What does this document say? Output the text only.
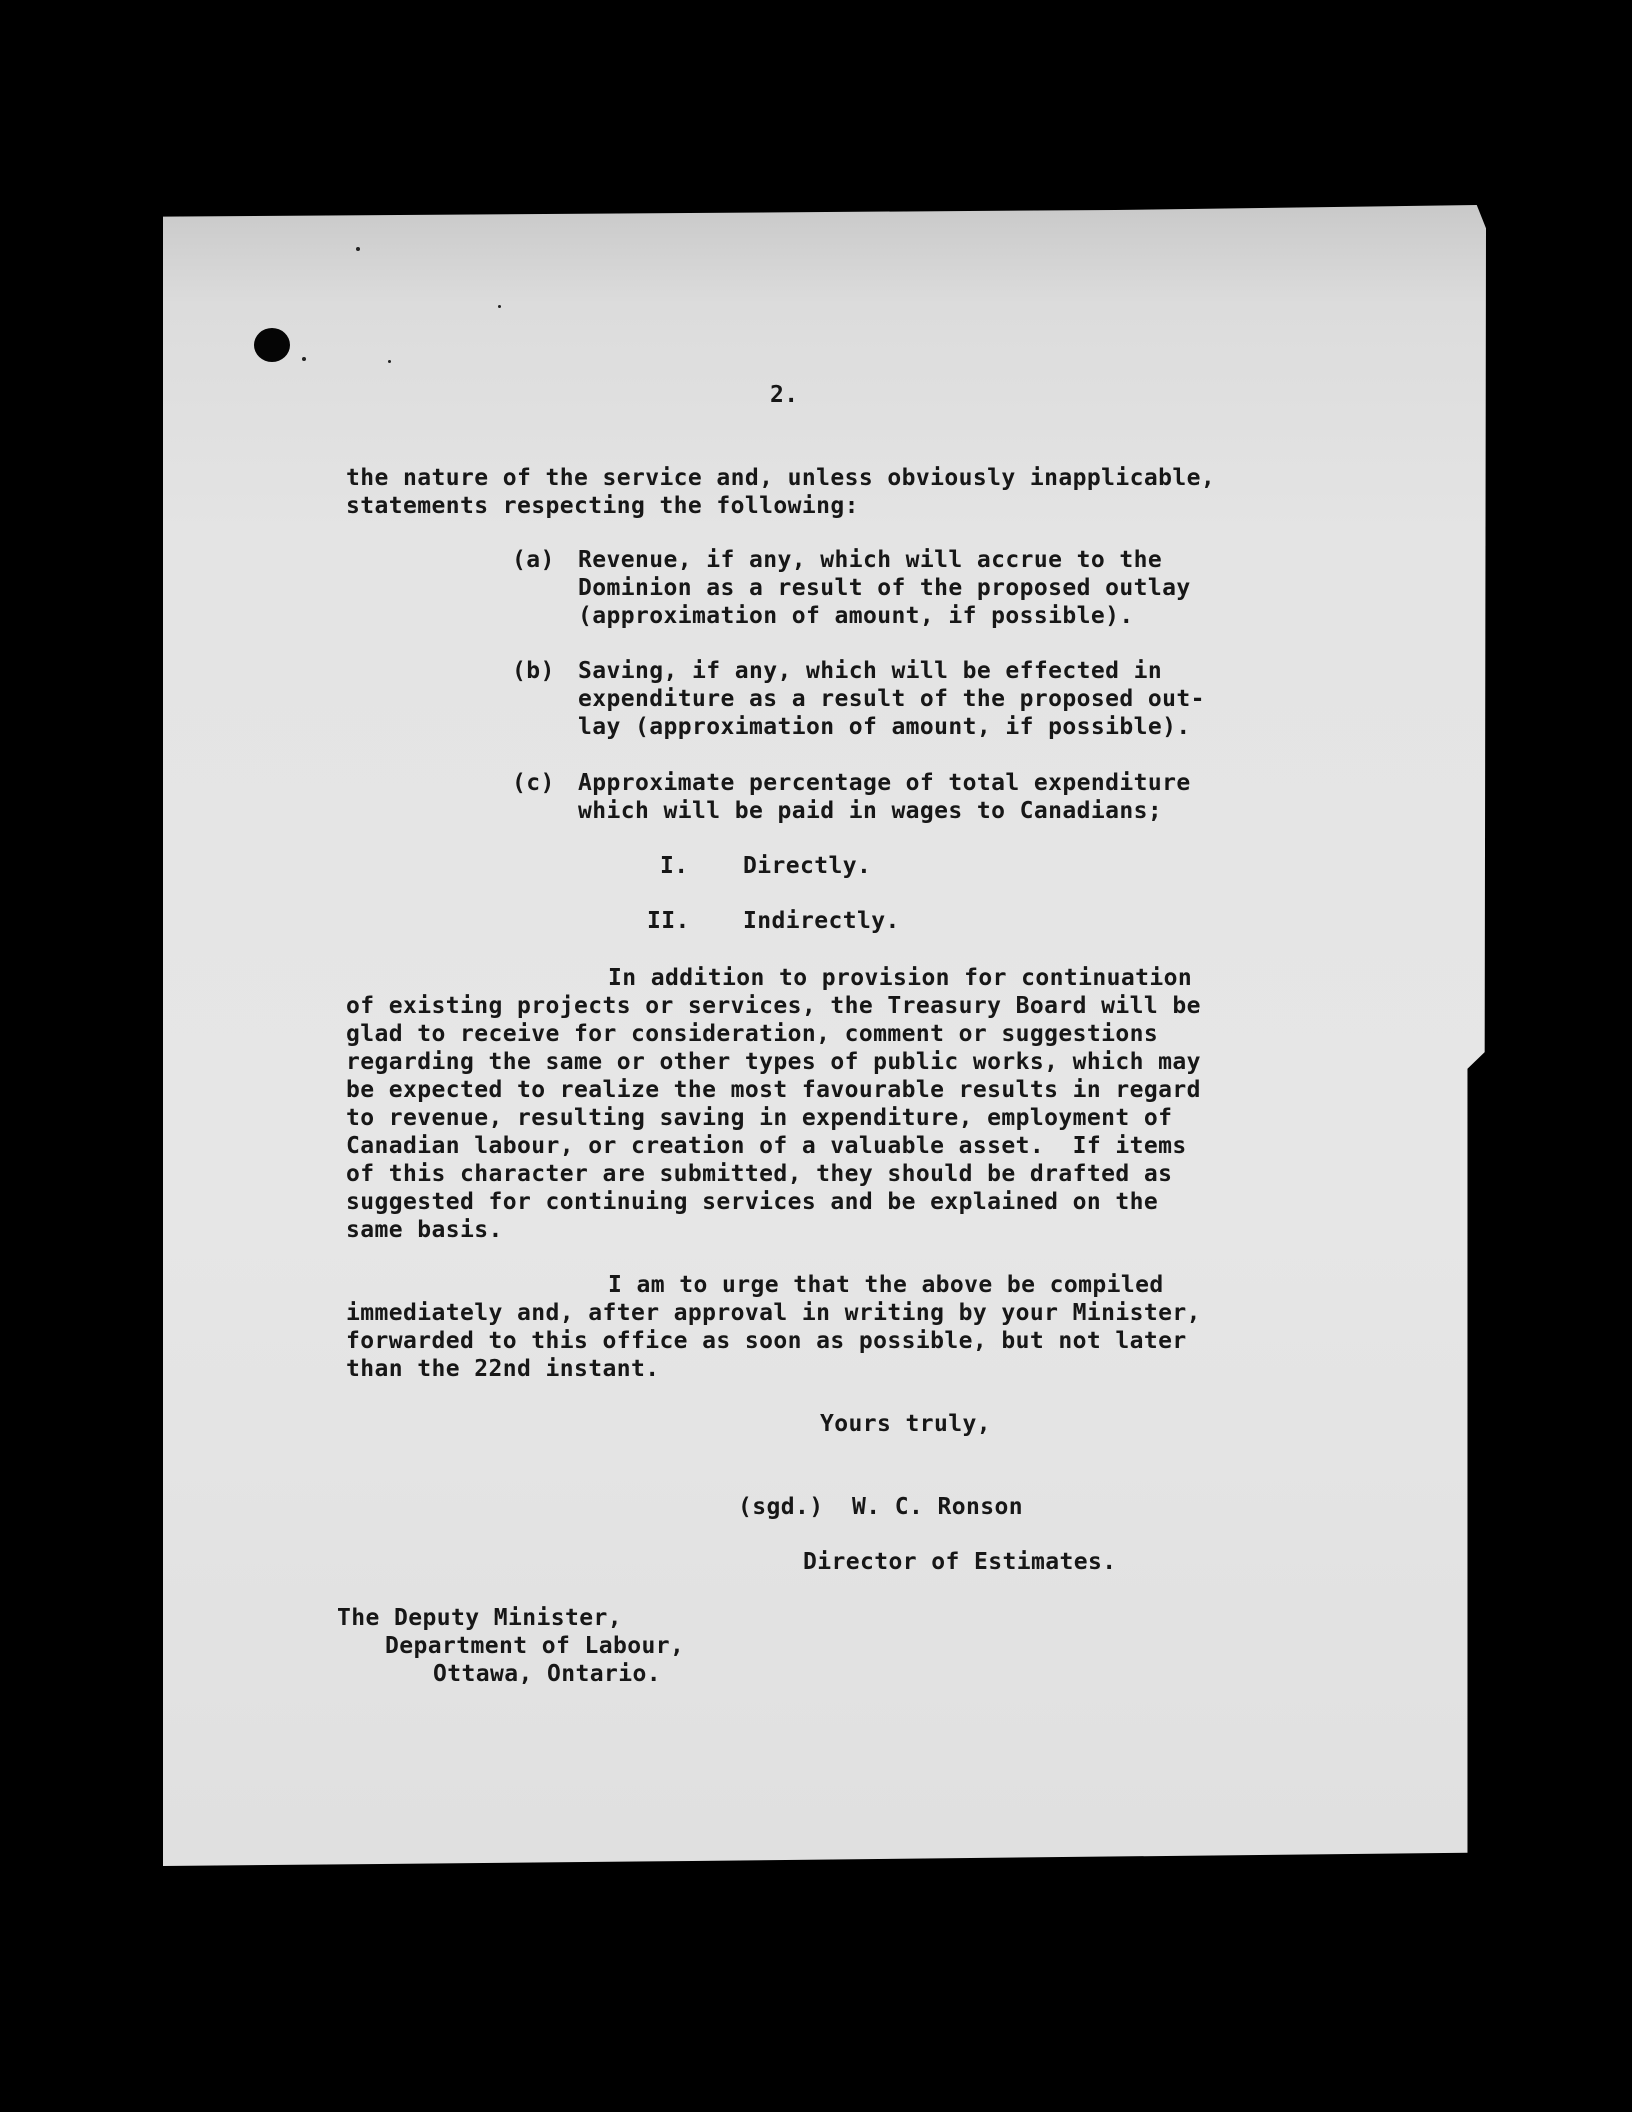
2.
the nature of the service and, unless obviously inapplicable,
statements respecting the following:
(a) Revenue, if any, which will accrue to the
Dominion as a result of the proposed outlay
(approximation of amount, if possible).
(b) Saving, if any, which will be effected in
expenditure as a result of the proposed out-
lay (approximation of amount, if possible).
(c) Approximate percentage of total expenditure
which will be paid in wages to Canadians;
I. Directly.
II. Indirectly.
In addition to provision for continuation
of existing projects or services, the Treasury Board will be
glad to receive for consideration, comment or suggestions
regarding the same or other types of public works, which may
be expected to realize the most favourable results in regard
to revenue, resulting saving in expenditure, employment of
Canadian labour, or creation of a valuable asset.  If items
of this character are submitted, they should be drafted as
suggested for continuing services and be explained on the
same basis.
I am to urge that the above be compiled
immediately and, after approval in writing by your Minister,
forwarded to this office as soon as possible, but not later
than the 22nd instant.
Yours truly,
(sgd.)  W. C. Ronson
Director of Estimates.
The Deputy Minister,
Department of Labour,
Ottawa, Ontario.
